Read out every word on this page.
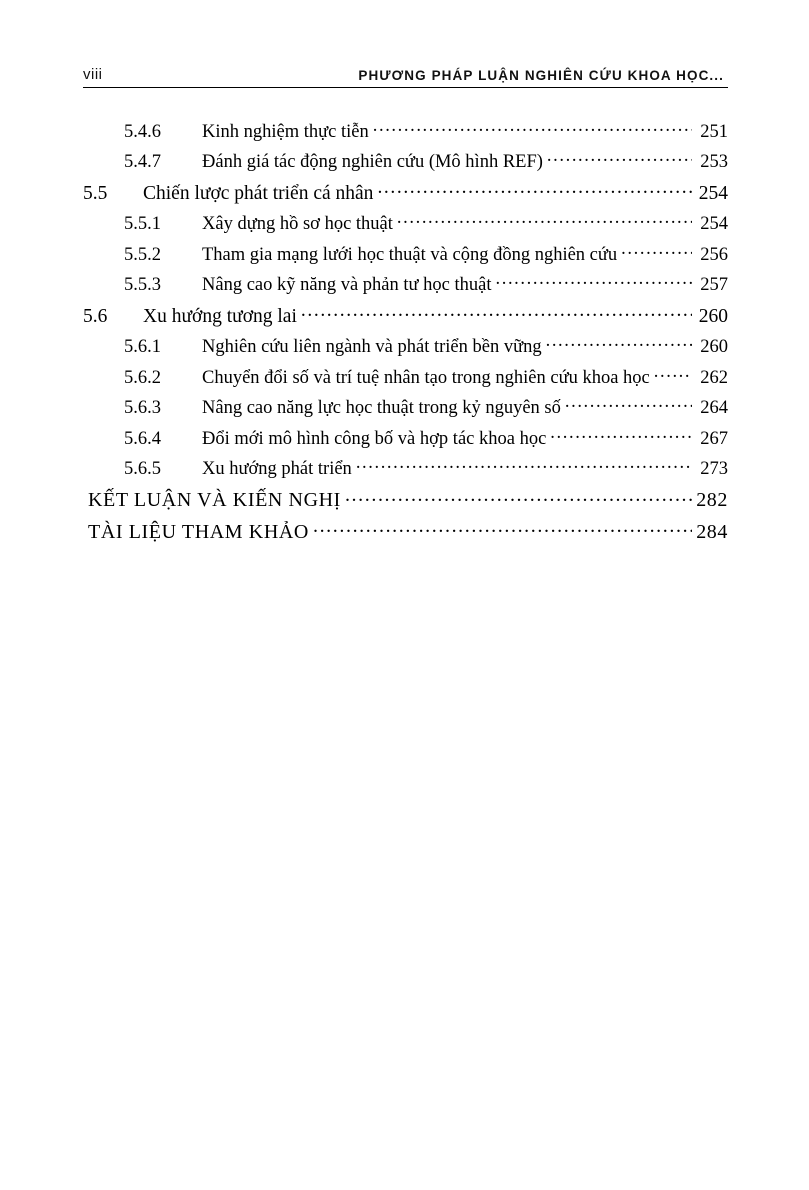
viii	PHƯƠNG PHÁP LUẬN NGHIÊN CỨU KHOA HỌC...
5.4.6	Kinh nghiệm thực tiễn .....	251
5.4.7	Đánh giá tác động nghiên cứu (Mô hình REF) .....	253
5.5	Chiến lược phát triển cá nhân .....	254
5.5.1	Xây dựng hồ sơ học thuật .....	254
5.5.2	Tham gia mạng lưới học thuật và cộng đồng nghiên cứu .....	256
5.5.3	Nâng cao kỹ năng và phản tư học thuật .....	257
5.6	Xu hướng tương lai .....	260
5.6.1	Nghiên cứu liên ngành và phát triển bền vững .....	260
5.6.2	Chuyển đổi số và trí tuệ nhân tạo trong nghiên cứu khoa học .....	262
5.6.3	Nâng cao năng lực học thuật trong kỷ nguyên số .....	264
5.6.4	Đổi mới mô hình công bố và hợp tác khoa học .....	267
5.6.5	Xu hướng phát triển .....	273
KẾT LUẬN VÀ KIẾN NGHỊ .....	282
TÀI LIỆU THAM KHẢO .....	284
